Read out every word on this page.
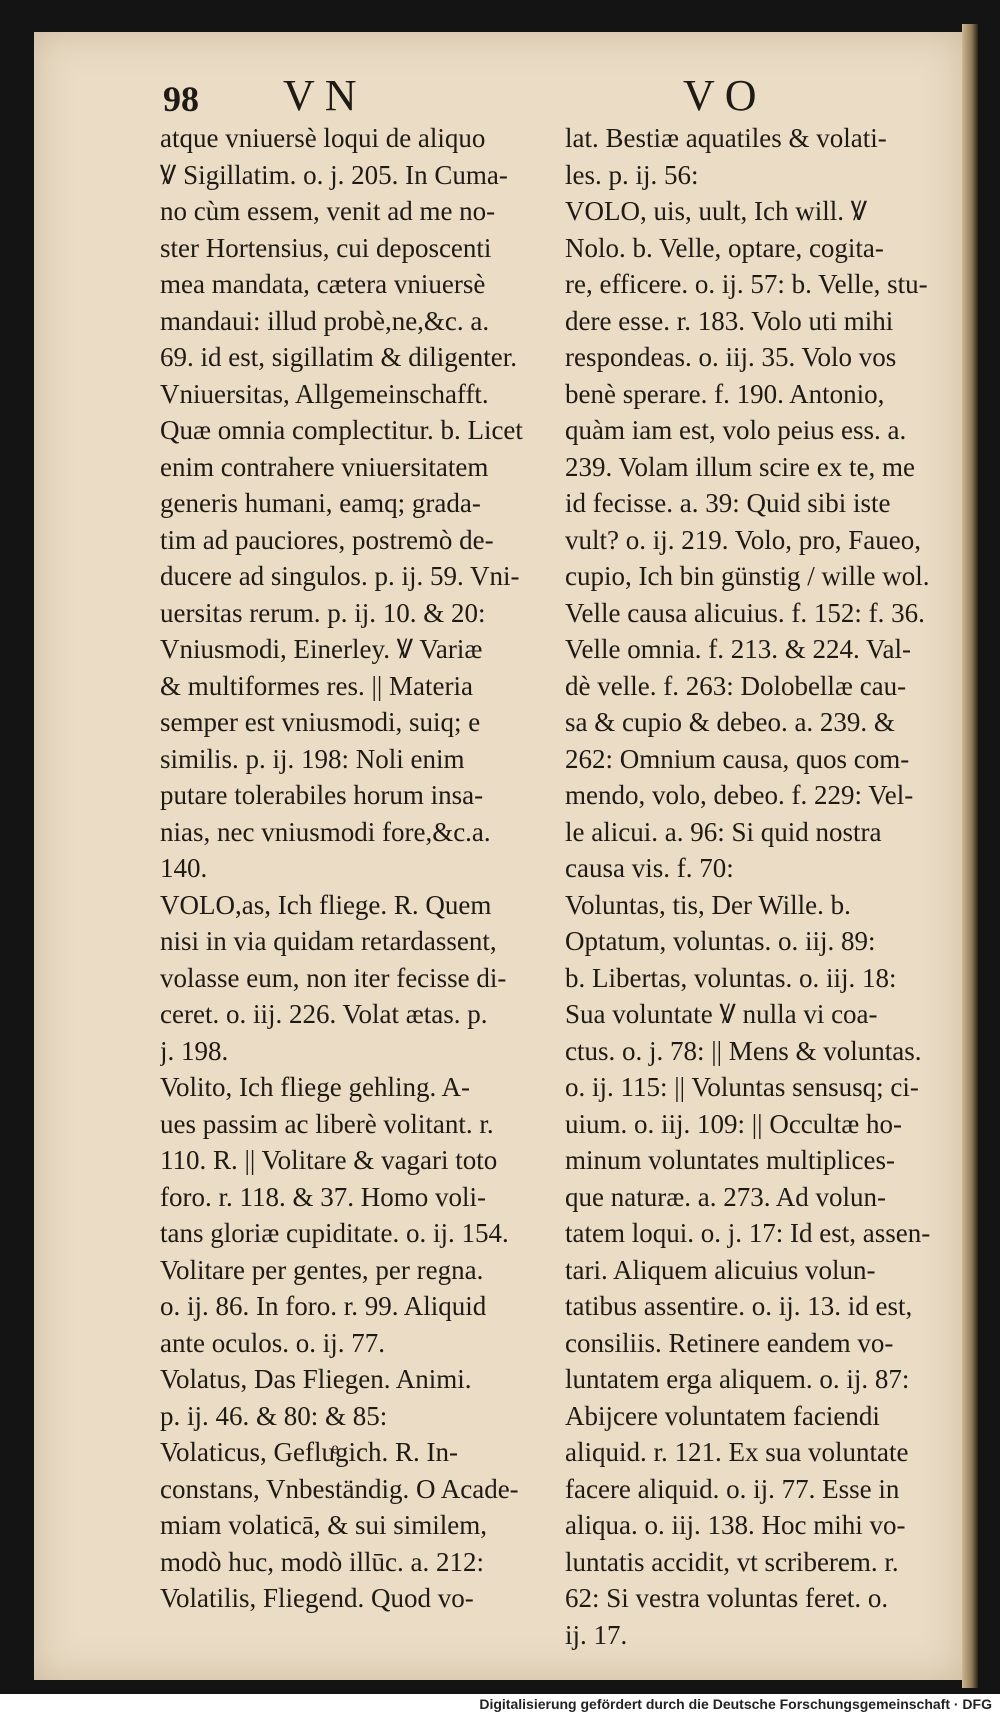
98 VN	VO
atque vniuersè loqui de aliquo
Ꝟ Sigillatim. o. j. 205. In Cuma-
no cùm essem, venit ad me no-
ster Hortensius, cui deposcenti
mea mandata, cætera vniuersè
mandaui: illud probè,ne,&c. a.
69. id est, sigillatim & diligenter.
Vniuersitas, Allgemeinschafft.
Quæ omnia complectitur. b. Licet
enim contrahere vniuersitatem
generis humani, eamq; grada-
tim ad pauciores, postremò de-
ducere ad singulos. p. ij. 59. Vni-
uersitas rerum. p. ij. 10. & 20:
Vniusmodi, Einerley. Ꝟ Variæ
& multiformes res. || Materia
semper est vniusmodi, suiq; e
similis. p. ij. 198: Noli enim
putare tolerabiles horum insa-
nias, nec vniusmodi fore,&c.a.
140.
VOLO,as, Ich fliege. R. Quem
nisi in via quidam retardassent,
volasse eum, non iter fecisse di-
ceret. o. iij. 226. Volat ætas. p.
j. 198.
Volito, Ich fliege gehling. A-
ues passim ac liberè volitant. r.
110. R. || Volitare & vagari toto
foro. r. 118. & 37. Homo voli-
tans gloriæ cupiditate. o. ij. 154.
Volitare per gentes, per regna.
o. ij. 86. In foro. r. 99. Aliquid
ante oculos. o. ij. 77.
Volatus, Das Fliegen. Animi.
p. ij. 46. & 80: & 85:
Volaticus, Gefluͤgich. R. In-
constans, Vnbeständig. O Acade-
miam volaticā, & sui similem,
modò huc, modò illūc. a. 212:
Volatilis, Fliegend. Quod vo-
lat. Bestiæ aquatiles & volati-
les. p. ij. 56:
VOLO, uis, uult, Ich will. Ꝟ
Nolo. b. Velle, optare, cogita-
re, efficere. o. ij. 57: b. Velle, stu-
dere esse. r. 183. Volo uti mihi
respondeas. o. iij. 35. Volo vos
benè sperare. f. 190. Antonio,
quàm iam est, volo peius ess. a.
239. Volam illum scire ex te, me
id fecisse. a. 39: Quid sibi iste
vult? o. ij. 219. Volo, pro, Faueo,
cupio, Ich bin günstig / wille wol.
Velle causa alicuius. f. 152: f. 36.
Velle omnia. f. 213. & 224. Val-
dè velle. f. 263: Dolobellæ cau-
sa & cupio & debeo. a. 239. &
262: Omnium causa, quos com-
mendo, volo, debeo. f. 229: Vel-
le alicui. a. 96: Si quid nostra
causa vis. f. 70:
Voluntas, tis, Der Wille. b.
Optatum, voluntas. o. iij. 89:
b. Libertas, voluntas. o. iij. 18:
Sua voluntate Ꝟ nulla vi coa-
ctus. o. j. 78: || Mens & voluntas.
o. ij. 115: || Voluntas sensusq; ci-
uium. o. iij. 109: || Occultæ ho-
minum voluntates multiplices-
que naturæ. a. 273. Ad volun-
tatem loqui. o. j. 17: Id est, assen-
tari. Aliquem alicuius volun-
tatibus assentire. o. ij. 13. id est,
consiliis. Retinere eandem vo-
luntatem erga aliquem. o. ij. 87:
Abijcere voluntatem faciendi
aliquid. r. 121. Ex sua voluntate
facere aliquid. o. ij. 77. Esse in
aliqua. o. iij. 138. Hoc mihi vo-
luntatis accidit, vt scriberem. r.
62: Si vestra voluntas feret. o.
ij. 17.
Digitalisierung gefördert durch die Deutsche Forschungsgemeinschaft · DFG
